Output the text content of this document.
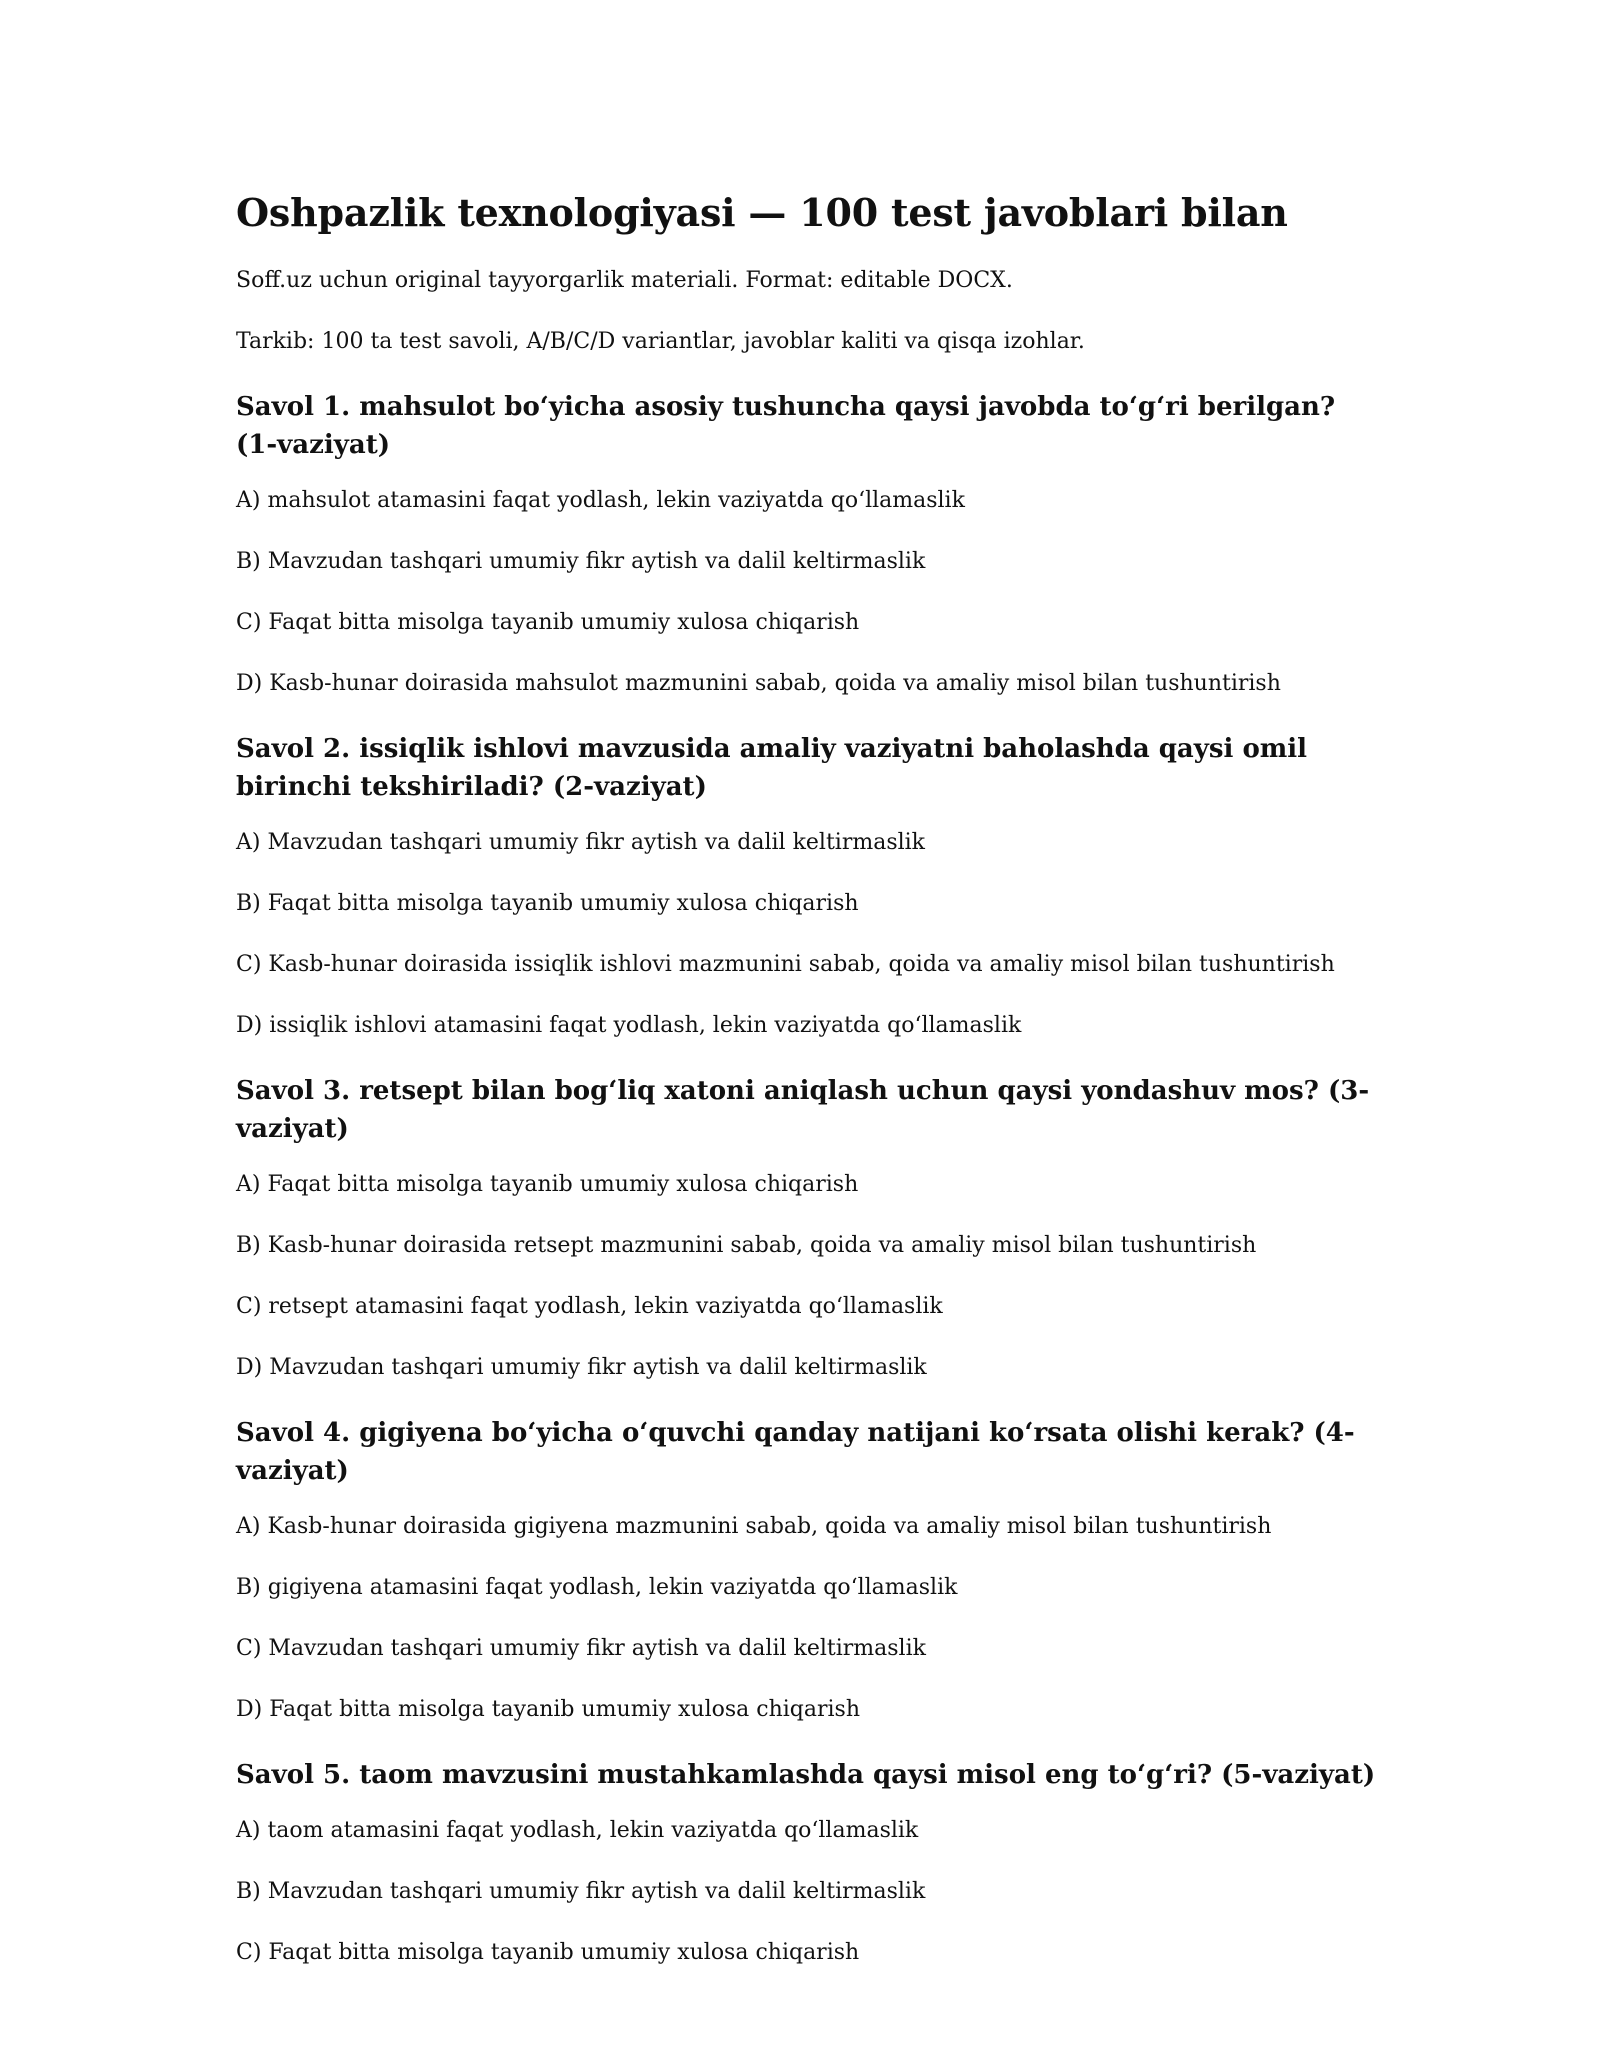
Oshpazlik texnologiyasi — 100 test javoblari bilan

Soff.uz uchun original tayyorgarlik materiali. Format: editable DOCX.

Tarkib: 100 ta test savoli, A/B/C/D variantlar, javoblar kaliti va qisqa izohlar.

Savol 1. mahsulot bo‘yicha asosiy tushuncha qaysi javobda to‘g‘ri berilgan? (1-vaziyat)

A) mahsulot atamasini faqat yodlash, lekin vaziyatda qo‘llamaslik

B) Mavzudan tashqari umumiy fikr aytish va dalil keltirmaslik

C) Faqat bitta misolga tayanib umumiy xulosa chiqarish

D) Kasb-hunar doirasida mahsulot mazmunini sabab, qoida va amaliy misol bilan tushuntirish

Savol 2. issiqlik ishlovi mavzusida amaliy vaziyatni baholashda qaysi omil birinchi tekshiriladi? (2-vaziyat)

A) Mavzudan tashqari umumiy fikr aytish va dalil keltirmaslik

B) Faqat bitta misolga tayanib umumiy xulosa chiqarish

C) Kasb-hunar doirasida issiqlik ishlovi mazmunini sabab, qoida va amaliy misol bilan tushuntirish

D) issiqlik ishlovi atamasini faqat yodlash, lekin vaziyatda qo‘llamaslik

Savol 3. retsept bilan bog‘liq xatoni aniqlash uchun qaysi yondashuv mos? (3-vaziyat)

A) Faqat bitta misolga tayanib umumiy xulosa chiqarish

B) Kasb-hunar doirasida retsept mazmunini sabab, qoida va amaliy misol bilan tushuntirish

C) retsept atamasini faqat yodlash, lekin vaziyatda qo‘llamaslik

D) Mavzudan tashqari umumiy fikr aytish va dalil keltirmaslik

Savol 4. gigiyena bo‘yicha o‘quvchi qanday natijani ko‘rsata olishi kerak? (4-vaziyat)

A) Kasb-hunar doirasida gigiyena mazmunini sabab, qoida va amaliy misol bilan tushuntirish

B) gigiyena atamasini faqat yodlash, lekin vaziyatda qo‘llamaslik

C) Mavzudan tashqari umumiy fikr aytish va dalil keltirmaslik

D) Faqat bitta misolga tayanib umumiy xulosa chiqarish

Savol 5. taom mavzusini mustahkamlashda qaysi misol eng to‘g‘ri? (5-vaziyat)

A) taom atamasini faqat yodlash, lekin vaziyatda qo‘llamaslik

B) Mavzudan tashqari umumiy fikr aytish va dalil keltirmaslik

C) Faqat bitta misolga tayanib umumiy xulosa chiqarish
